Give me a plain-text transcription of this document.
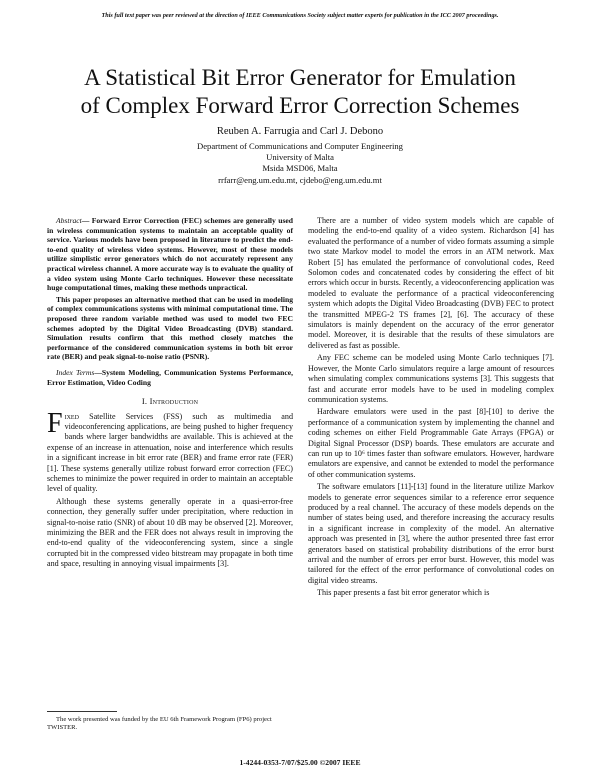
This full text paper was peer reviewed at the direction of IEEE Communications Society subject matter experts for publication in the ICC 2007 proceedings.
A Statistical Bit Error Generator for Emulation
of Complex Forward Error Correction Schemes
Reuben A. Farrugia and Carl J. Debono
Department of Communications and Computer Engineering
University of Malta
Msida MSD06, Malta
rrfarr@eng.um.edu.mt, cjdebo@eng.um.edu.mt

Abstract— Forward Error Correction (FEC) schemes are generally used in wireless communication systems to maintain an acceptable quality of service. Various models have been proposed in literature to predict the end-to-end quality of wireless video systems. However, most of these models utilize simplistic error generators which do not accurately represent any practical wireless channel. A more accurate way is to evaluate the quality of a video system using Monte Carlo techniques. However these necessitate huge computational times, making these methods unpractical.

This paper proposes an alternative method that can be used in modeling of complex communications systems with minimal computational time. The proposed three random variable method was used to model two FEC schemes adopted by the Digital Video Broadcasting (DVB) standard. Simulation results confirm that this method closely matches the performance of the considered communication systems in both bit error rate (BER) and peak signal-to-noise ratio (PSNR).

Index Terms—System Modeling, Communication Systems Performance, Error Estimation, Video Coding

I. Introduction

Fixed Satellite Services (FSS) such as multimedia and videoconferencing applications, are being pushed to higher frequency bands where larger bandwidths are available. This is achieved at the expense of an increase in attenuation, noise and interference which results in a significant increase in bit error rate (BER) and frame error rate (FER) [1]. These systems generally utilize robust forward error correction (FEC) schemes to minimize the power required in order to maintain an acceptable level of quality.

Although these systems generally operate in a quasi-error-free connection, they generally suffer under precipitation, where reduction in signal-to-noise ratio (SNR) of about 10 dB may be observed [2]. Moreover, minimizing the BER and the FER does not always result in improving the end-to-end quality of the videoconferencing system, since a single corrupted bit in the compressed video bitstream may propagate in both time and space, resulting in annoying visual impairments [3].

There are a number of video system models which are capable of modeling the end-to-end quality of a video system. Richardson [4] has evaluated the performance of a number of video formats assuming a simple two state Markov model to model the errors in an ATM network. Max Robert [5] has emulated the performance of convolutional codes, Reed Solomon codes and concatenated codes by considering the effect of bit errors which occur in bursts. Recently, a videoconferencing application was modeled to evaluate the performance of a practical videoconferencing system which adopts the Digital Video Broadcasting (DVB) FEC to protect the transmitted MPEG-2 TS frames [2], [6]. The accuracy of these simulators is mainly dependent on the accuracy of the error generator model. Moreover, it is desirable that the results of these simulators are delivered as fast as possible.

Any FEC scheme can be modeled using Monte Carlo techniques [7]. However, the Monte Carlo simulators require a large amount of resources when simulating complex communications systems [3]. This suggests that fast and accurate error models have to be used in modeling complex communication systems.

Hardware emulators were used in the past [8]-[10] to derive the performance of a communication system by implementing the channel and coding schemes on either Field Programmable Gate Arrays (FPGA) or Digital Signal Processor (DSP) boards. These emulators are accurate and can run up to 10⁶ times faster than software emulators. However, hardware emulators are expensive, and cannot be extended to model the performance of other communication systems.

The software emulators [11]-[13] found in the literature utilize Markov models to generate error sequences similar to a reference error sequence produced by a real channel. The accuracy of these models depends on the number of states being used, and therefore increasing the accuracy results in a significant increase in complexity of the model. An alternative approach was presented in [3], where the author presented three fast error generators based on statistical probability distributions of the error burst arrival and the number of errors per error burst. However, this model was tailored for the effect of the error performance of convolutional codes on digital video streams.

This paper presents a fast bit error generator which is

The work presented was funded by the EU 6th Framework Program (FP6) project TWISTER.
1-4244-0353-7/07/$25.00 ©2007 IEEE
